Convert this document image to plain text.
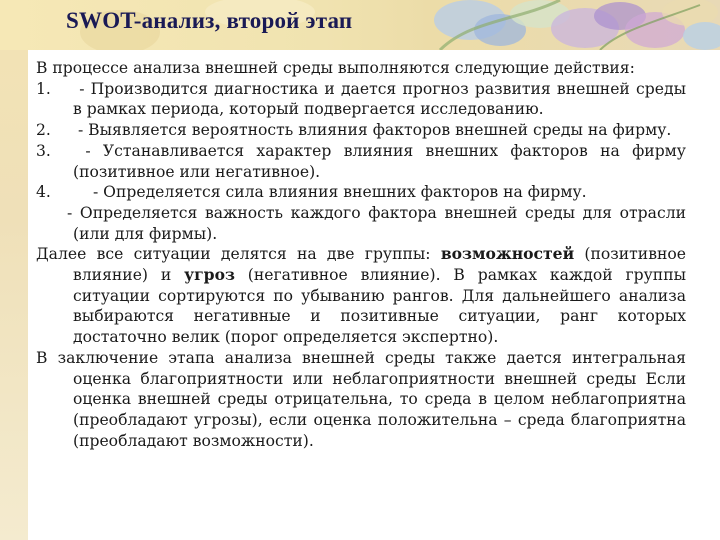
SWOT-анализ, второй этап

В процессе анализа внешней среды выполняются следующие действия:

1. - Производится диагностика и дается прогноз развития внешней среды в рамках периода, который подвергается исследованию.

2. - Выявляется вероятность влияния факторов внешней среды на фирму.

3. - Устанавливается характер влияния внешних факторов на фирму (позитивное или негативное).

4. - Определяется сила влияния внешних факторов на фирму.

- Определяется важность каждого фактора внешней среды для отрасли (или для фирмы).

Далее все ситуации делятся на две группы: возможностей (позитивное влияние) и угроз (негативное влияние). В рамках каждой группы ситуации сортируются по убыванию рангов. Для дальнейшего анализа выбираются негативные и позитивные ситуации, ранг которых достаточно велик (порог определяется экспертно).

В заключение этапа анализа внешней среды также дается интегральная оценка благоприятности или неблагоприятности внешней среды Если оценка внешней среды отрицательна, то среда в целом неблагоприятна (преобладают угрозы), если оценка положительна – среда благоприятна (преобладают возможности).
